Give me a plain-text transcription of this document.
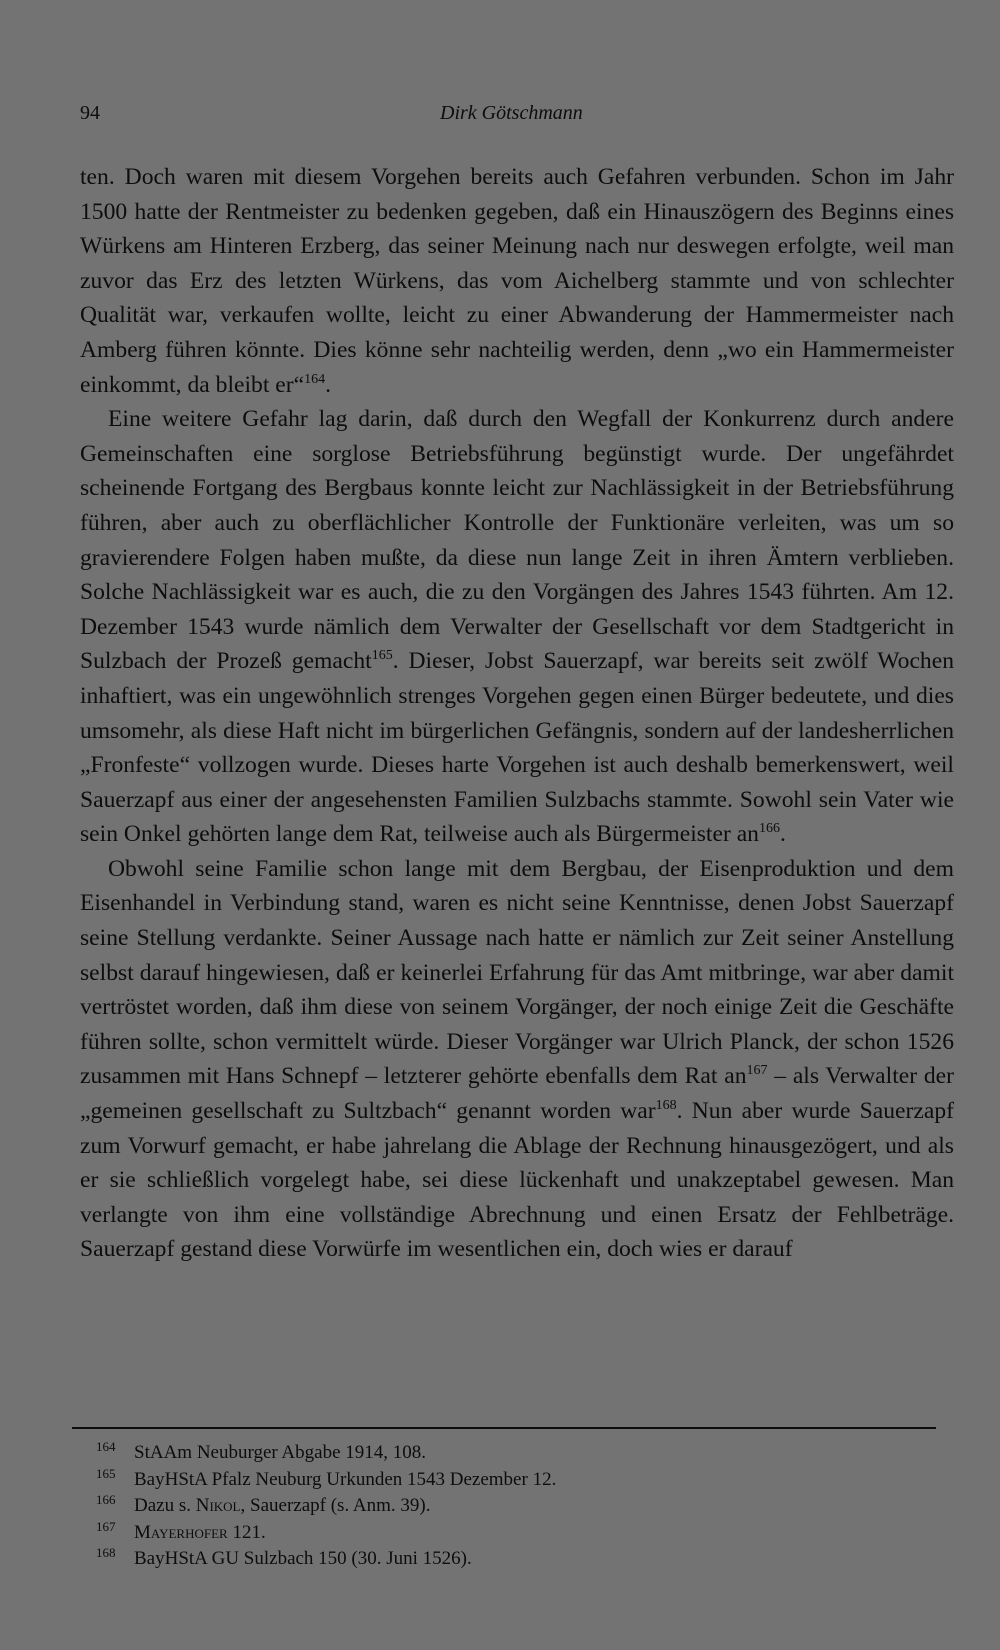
94	Dirk Götschmann

ten. Doch waren mit diesem Vorgehen bereits auch Gefahren verbunden. Schon im Jahr 1500 hatte der Rentmeister zu bedenken gegeben, daß ein Hinauszögern des Beginns eines Würkens am Hinteren Erzberg, das seiner Meinung nach nur deswegen erfolgte, weil man zuvor das Erz des letzten Würkens, das vom Aichelberg stammte und von schlechter Qualität war, verkaufen wollte, leicht zu einer Abwanderung der Hammermeister nach Amberg führen könnte. Dies könne sehr nachteilig werden, denn „wo ein Hammermeister einkommt, da bleibt er“$^{164}$.

Eine weitere Gefahr lag darin, daß durch den Wegfall der Konkurrenz durch andere Gemeinschaften eine sorglose Betriebsführung begünstigt wurde. Der ungefährdet scheinende Fortgang des Bergbaus konnte leicht zur Nachlässigkeit in der Betriebsführung führen, aber auch zu oberflächlicher Kontrolle der Funktionäre verleiten, was um so gravierendere Folgen haben mußte, da diese nun lange Zeit in ihren Ämtern verblieben. Solche Nachlässigkeit war es auch, die zu den Vorgängen des Jahres 1543 führten. Am 12. Dezember 1543 wurde nämlich dem Verwalter der Gesellschaft vor dem Stadtgericht in Sulzbach der Prozeß gemacht$^{165}$. Dieser, Jobst Sauerzapf, war bereits seit zwölf Wochen inhaftiert, was ein ungewöhnlich strenges Vorgehen gegen einen Bürger bedeutete, und dies umsomehr, als diese Haft nicht im bürgerlichen Gefängnis, sondern auf der landesherrlichen „Fronfeste“ vollzogen wurde. Dieses harte Vorgehen ist auch deshalb bemerkenswert, weil Sauerzapf aus einer der angesehensten Familien Sulzbachs stammte. Sowohl sein Vater wie sein Onkel gehörten lange dem Rat, teilweise auch als Bürgermeister an$^{166}$.

Obwohl seine Familie schon lange mit dem Bergbau, der Eisenproduktion und dem Eisenhandel in Verbindung stand, waren es nicht seine Kenntnisse, denen Jobst Sauerzapf seine Stellung verdankte. Seiner Aussage nach hatte er nämlich zur Zeit seiner Anstellung selbst darauf hingewiesen, daß er keinerlei Erfahrung für das Amt mitbringe, war aber damit vertröstet worden, daß ihm diese von seinem Vorgänger, der noch einige Zeit die Geschäfte führen sollte, schon vermittelt würde. Dieser Vorgänger war Ulrich Planck, der schon 1526 zusammen mit Hans Schnepf – letzterer gehörte ebenfalls dem Rat an$^{167}$ – als Verwalter der „gemeinen gesellschaft zu Sultzbach“ genannt worden war$^{168}$. Nun aber wurde Sauerzapf zum Vorwurf gemacht, er habe jahrelang die Ablage der Rechnung hinausgezögert, und als er sie schließlich vorgelegt habe, sei diese lückenhaft und unakzeptabel gewesen. Man verlangte von ihm eine vollständige Abrechnung und einen Ersatz der Fehlbeträge. Sauerzapf gestand diese Vorwürfe im wesentlichen ein, doch wies er darauf

164 StAAm Neuburger Abgabe 1914, 108.
165 BayHStA Pfalz Neuburg Urkunden 1543 Dezember 12.
166 Dazu s. Nikol, Sauerzapf (s. Anm. 39).
167 Mayerhofer 121.
168 BayHStA GU Sulzbach 150 (30. Juni 1526).
